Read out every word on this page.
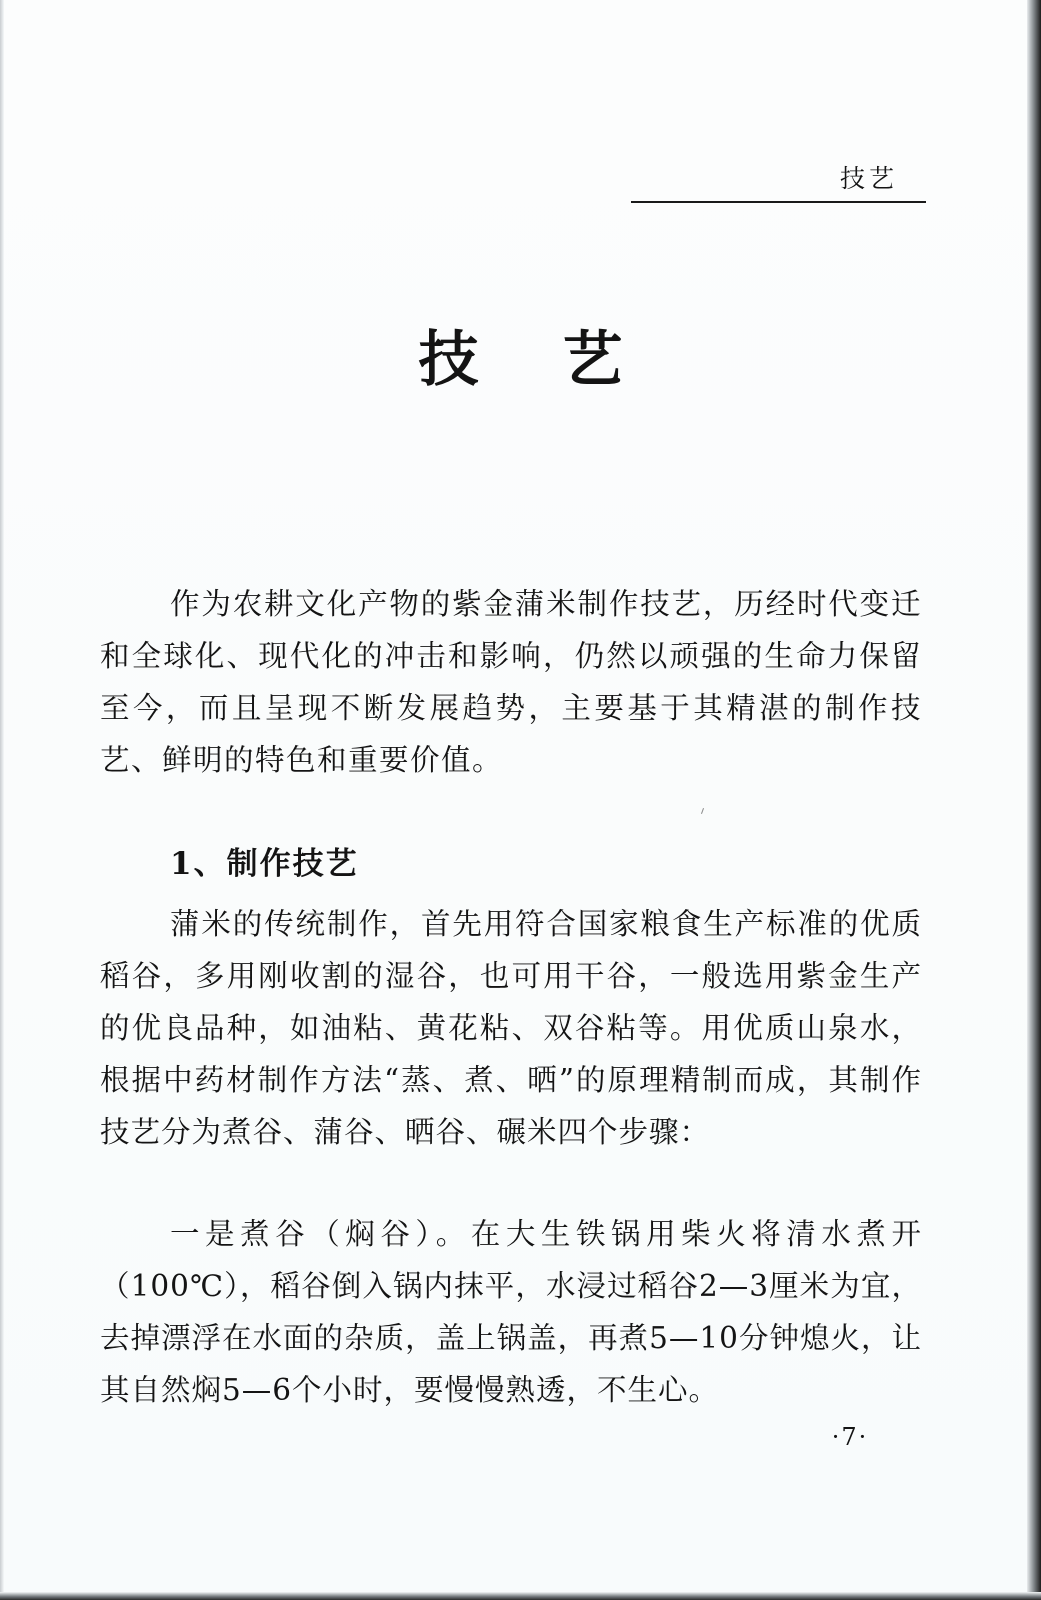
技艺
技艺

作为农耕文化产物的紫金蒲米制作技艺，历经时代变迁和全球化、现代化的冲击和影响，仍然以顽强的生命力保留至今，而且呈现不断发展趋势，主要基于其精湛的制作技艺、鲜明的特色和重要价值。

1、制作技艺

蒲米的传统制作，首先用符合国家粮食生产标准的优质稻谷，多用刚收割的湿谷，也可用干谷，一般选用紫金生产的优良品种，如油粘、黄花粘、双谷粘等。用优质山泉水，根据中药材制作方法“蒸、煮、晒”的原理精制而成，其制作技艺分为煮谷、蒲谷、晒谷、碾米四个步骤：

一是煮谷（焖谷）。在大生铁锅用柴火将清水煮开（100℃），稻谷倒入锅内抹平，水浸过稻谷2—3厘米为宜，去掉漂浮在水面的杂质，盖上锅盖，再煮5—10分钟熄火，让其自然焖5—6个小时，要慢慢熟透，不生心。

·7·
